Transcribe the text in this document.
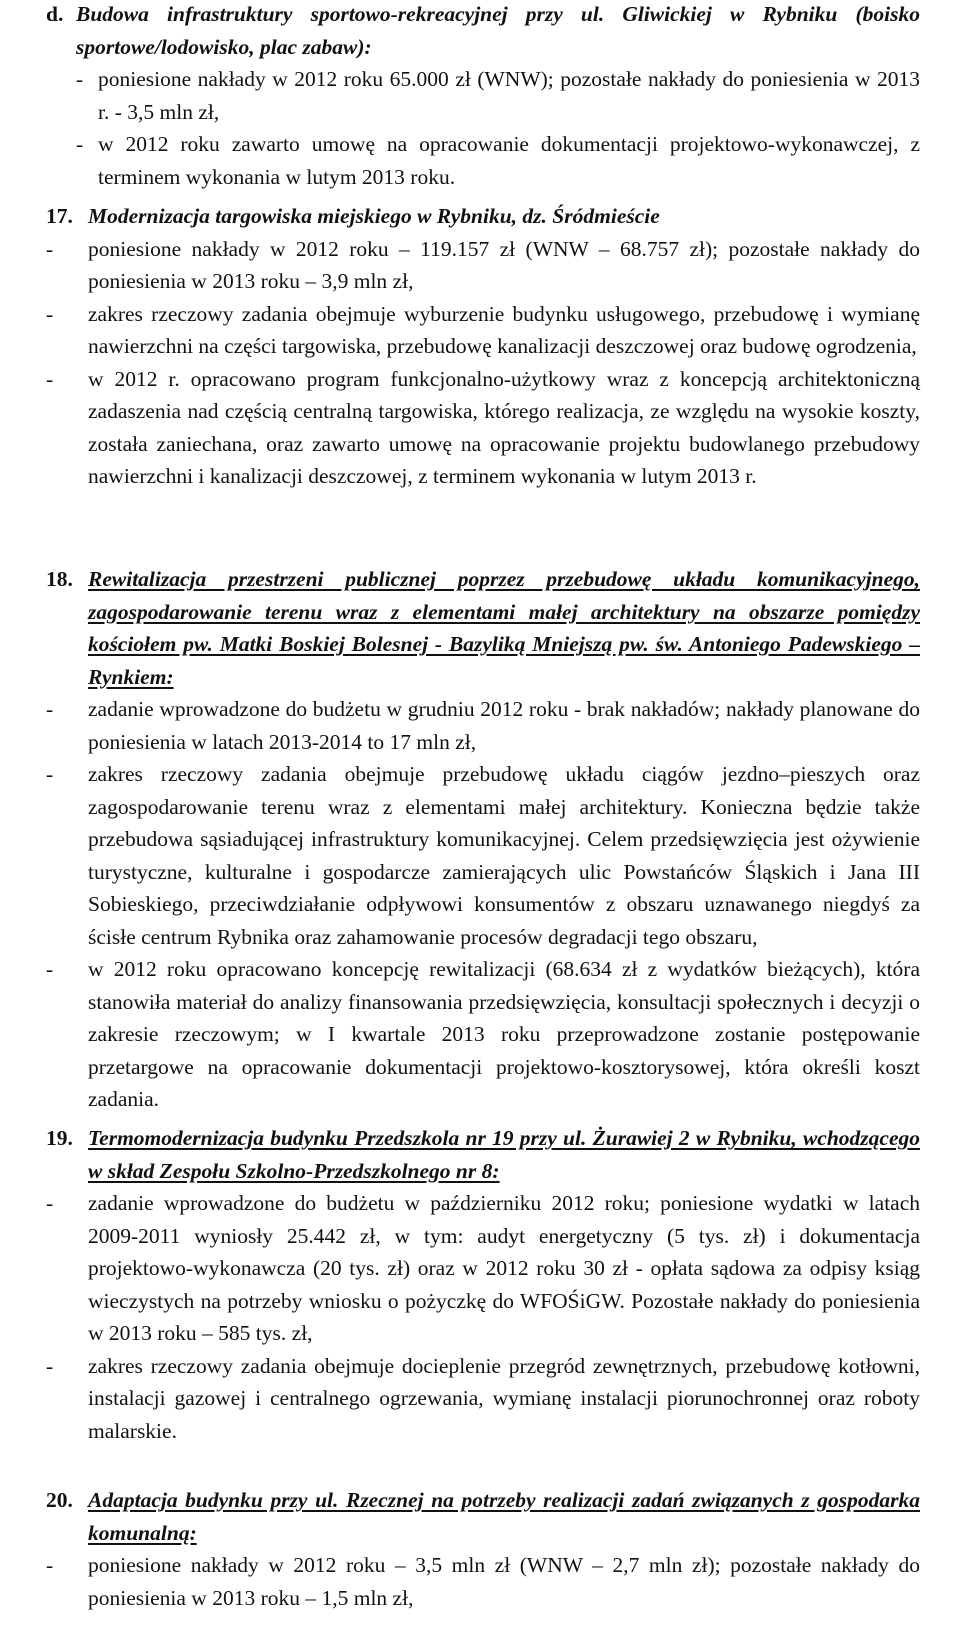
d. Budowa infrastruktury sportowo-rekreacyjnej przy ul. Gliwickiej w Rybniku (boisko sportowe/lodowisko, plac zabaw):
- poniesione nakłady w 2012 roku 65.000 zł (WNW); pozostałe nakłady do poniesienia w 2013 r. - 3,5 mln zł,
- w 2012 roku zawarto umowę na opracowanie dokumentacji projektowo-wykonawczej, z terminem wykonania w lutym 2013 roku.
17. Modernizacja targowiska miejskiego w Rybniku, dz. Śródmieście
-	poniesione nakłady w 2012 roku – 119.157 zł (WNW – 68.757 zł); pozostałe nakłady do poniesienia w 2013 roku – 3,9 mln zł,
-	zakres rzeczowy zadania obejmuje wyburzenie budynku usługowego, przebudowę i wymianę nawierzchni na części targowiska, przebudowę kanalizacji deszczowej oraz budowę ogrodzenia,
-	w 2012 r. opracowano program funkcjonalno-użytkowy wraz z koncepcją architektoniczną zadaszenia nad częścią centralną targowiska, którego realizacja, ze względu na wysokie koszty, została zaniechana, oraz zawarto umowę na opracowanie projektu budowlanego przebudowy nawierzchni i kanalizacji deszczowej, z terminem wykonania w lutym 2013 r.
18. Rewitalizacja przestrzeni publicznej poprzez przebudowę układu komunikacyjnego, zagospodarowanie terenu wraz z elementami małej architektury na obszarze pomiędzy kościołem pw. Matki Boskiej Bolesnej - Bazyliką Mniejszą pw. św. Antoniego Padewskiego – Rynkiem:
-	zadanie wprowadzone do budżetu w grudniu 2012 roku - brak nakładów; nakłady planowane do poniesienia w latach 2013-2014 to 17 mln zł,
-	zakres rzeczowy zadania obejmuje przebudowę układu ciągów jezdno–pieszych oraz zagospodarowanie terenu wraz z elementami małej architektury. Konieczna będzie także przebudowa sąsiadującej infrastruktury komunikacyjnej. Celem przedsięwzięcia jest ożywienie turystyczne, kulturalne i gospodarcze zamierających ulic Powstańców Śląskich i Jana III Sobieskiego, przeciwdziałanie odpływowi konsumentów z obszaru uznawanego niegdyś za ścisłe centrum Rybnika oraz zahamowanie procesów degradacji tego obszaru,
-	w 2012 roku opracowano koncepcję rewitalizacji (68.634 zł z wydatków bieżących), która stanowiła materiał do analizy finansowania przedsięwzięcia, konsultacji społecznych i decyzji o zakresie rzeczowym; w I kwartale 2013 roku przeprowadzone zostanie postępowanie przetargowe na opracowanie dokumentacji projektowo-kosztorysowej, która określi koszt zadania.
19. Termomodernizacja budynku Przedszkola nr 19 przy ul. Żurawiej 2 w Rybniku, wchodzącego w skład Zespołu Szkolno-Przedszkolnego nr 8:
-	zadanie wprowadzone do budżetu w październiku 2012 roku; poniesione wydatki w latach 2009-2011 wyniosły 25.442 zł, w tym: audyt energetyczny (5 tys. zł) i dokumentacja projektowo-wykonawcza (20 tys. zł) oraz w 2012 roku 30 zł - opłata sądowa za odpisy ksiąg wieczystych na potrzeby wniosku o pożyczkę do WFOŚiGW. Pozostałe nakłady do poniesienia w 2013 roku – 585 tys. zł,
-	zakres rzeczowy zadania obejmuje docieplenie przegród zewnętrznych, przebudowę kotłowni, instalacji gazowej i centralnego ogrzewania, wymianę instalacji piorunochronnej oraz roboty malarskie.
20. Adaptacja budynku przy ul. Rzecznej na potrzeby realizacji zadań związanych z gospodarka komunalną:
-	poniesione nakłady w 2012 roku – 3,5 mln zł (WNW – 2,7 mln zł); pozostałe nakłady do poniesienia w 2013 roku – 1,5 mln zł,
